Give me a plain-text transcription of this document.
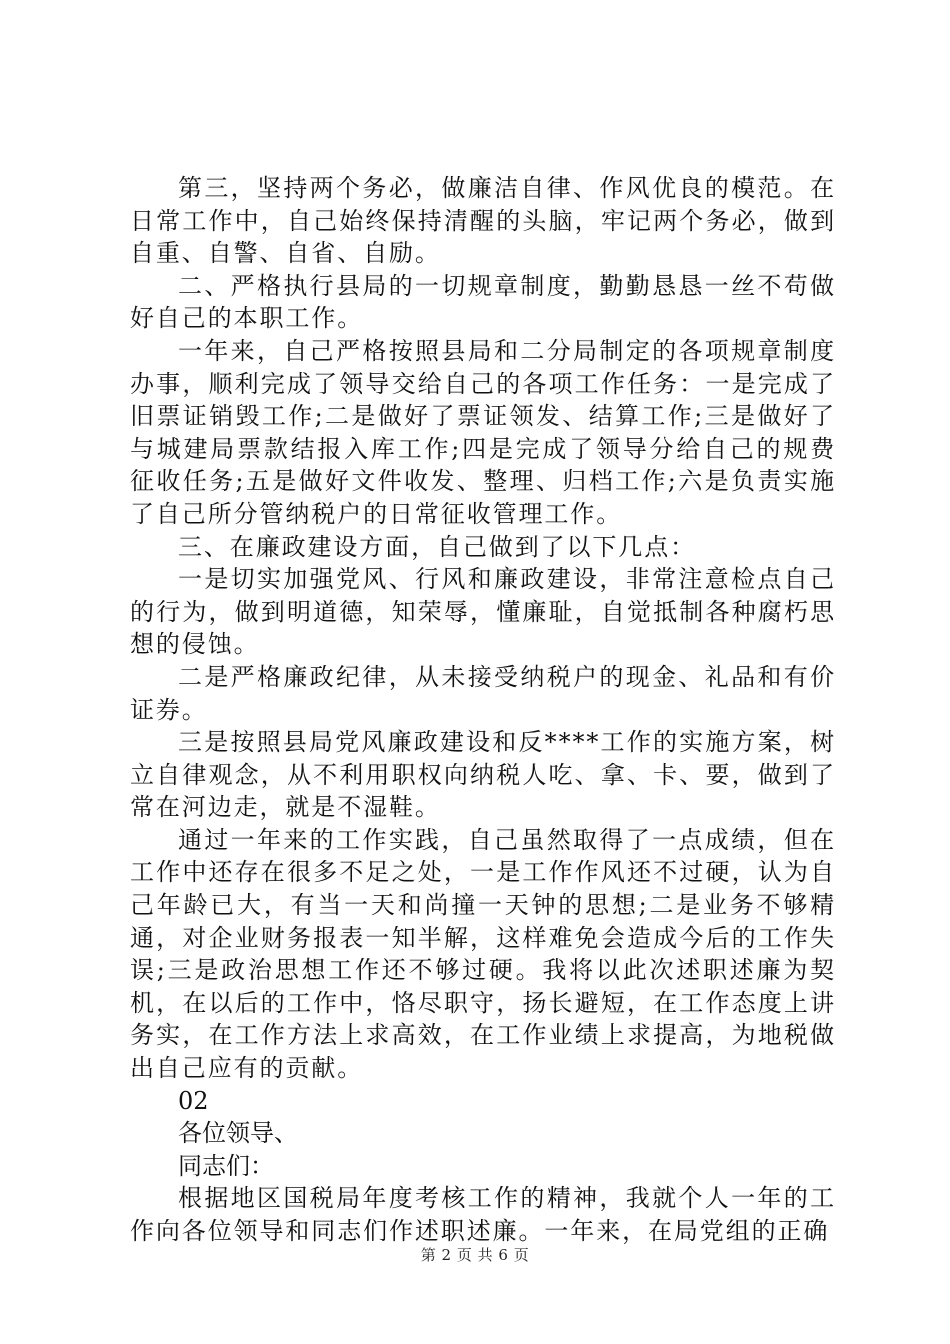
第三，坚持两个务必，做廉洁自律、作风优良的模范。在日常工作中，自己始终保持清醒的头脑，牢记两个务必，做到自重、自警、自省、自励。

二、严格执行县局的一切规章制度，勤勤恳恳一丝不苟做好自己的本职工作。

一年来，自己严格按照县局和二分局制定的各项规章制度办事，顺利完成了领导交给自己的各项工作任务：一是完成了旧票证销毁工作;二是做好了票证领发、结算工作;三是做好了与城建局票款结报入库工作;四是完成了领导分给自己的规费征收任务;五是做好文件收发、整理、归档工作;六是负责实施了自己所分管纳税户的日常征收管理工作。

三、在廉政建设方面，自己做到了以下几点：

一是切实加强党风、行风和廉政建设，非常注意检点自己的行为，做到明道德，知荣辱，懂廉耻，自觉抵制各种腐朽思想的侵蚀。

二是严格廉政纪律，从未接受纳税户的现金、礼品和有价证券。

三是按照县局党风廉政建设和反****工作的实施方案，树立自律观念，从不利用职权向纳税人吃、拿、卡、要，做到了常在河边走，就是不湿鞋。

通过一年来的工作实践，自己虽然取得了一点成绩，但在工作中还存在很多不足之处，一是工作作风还不过硬，认为自己年龄已大，有当一天和尚撞一天钟的思想;二是业务不够精通，对企业财务报表一知半解，这样难免会造成今后的工作失误;三是政治思想工作还不够过硬。我将以此次述职述廉为契机，在以后的工作中，恪尽职守，扬长避短，在工作态度上讲务实，在工作方法上求高效，在工作业绩上求提高，为地税做出自己应有的贡献。

02

各位领导、

同志们：

根据地区国税局年度考核工作的精神，我就个人一年的工作向各位领导和同志们作述职述廉。一年来，在局党组的正确

第 2 页 共 6 页
